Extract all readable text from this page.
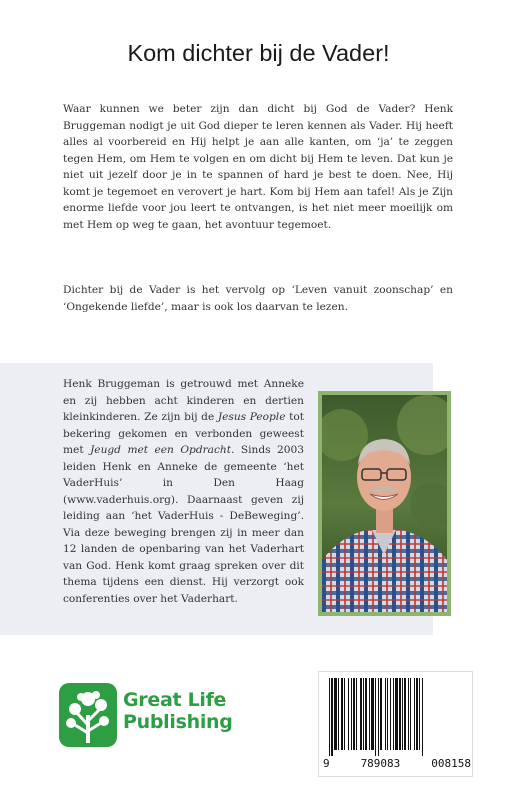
Kom dichter bij de Vader!

Waar kunnen we beter zijn dan dicht bij God de Vader? Henk Bruggeman nodigt je uit God dieper te leren kennen als Vader. Hij heeft alles al voorbereid en Hij helpt je aan alle kanten, om ‘ja’ te zeggen tegen Hem, om Hem te volgen en om dicht bij Hem te leven. Dat kun je niet uit jezelf door je in te spannen of hard je best te doen. Nee, Hij komt je tegemoet en verovert je hart. Kom bij Hem aan tafel! Als je Zijn enorme liefde voor jou leert te ontvangen, is het niet meer moeilijk om met Hem op weg te gaan, het avontuur tegemoet.

Dichter bij de Vader is het vervolg op ‘Leven vanuit zoonschap’ en ‘Ongekende liefde’, maar is ook los daarvan te lezen.

Henk Bruggeman is getrouwd met Anneke en zij hebben acht kinderen en dertien kleinkinderen. Ze zijn bij de Jesus People tot bekering gekomen en verbonden geweest met Jeugd met een Opdracht. Sinds 2003 leiden Henk en Anneke de gemeente ‘het VaderHuis’ in Den Haag (www.vaderhuis.org). Daarnaast geven zij leiding aan ‘het VaderHuis - DeBeweging’. Via deze beweging brengen zij in meer dan 12 landen de openbaring van het Vaderhart van God. Henk komt graag spreken over dit thema tijdens een dienst. Hij verzorgt ook conferenties over het Vaderhart.

Great Life
Publishing
9	789083	008158
